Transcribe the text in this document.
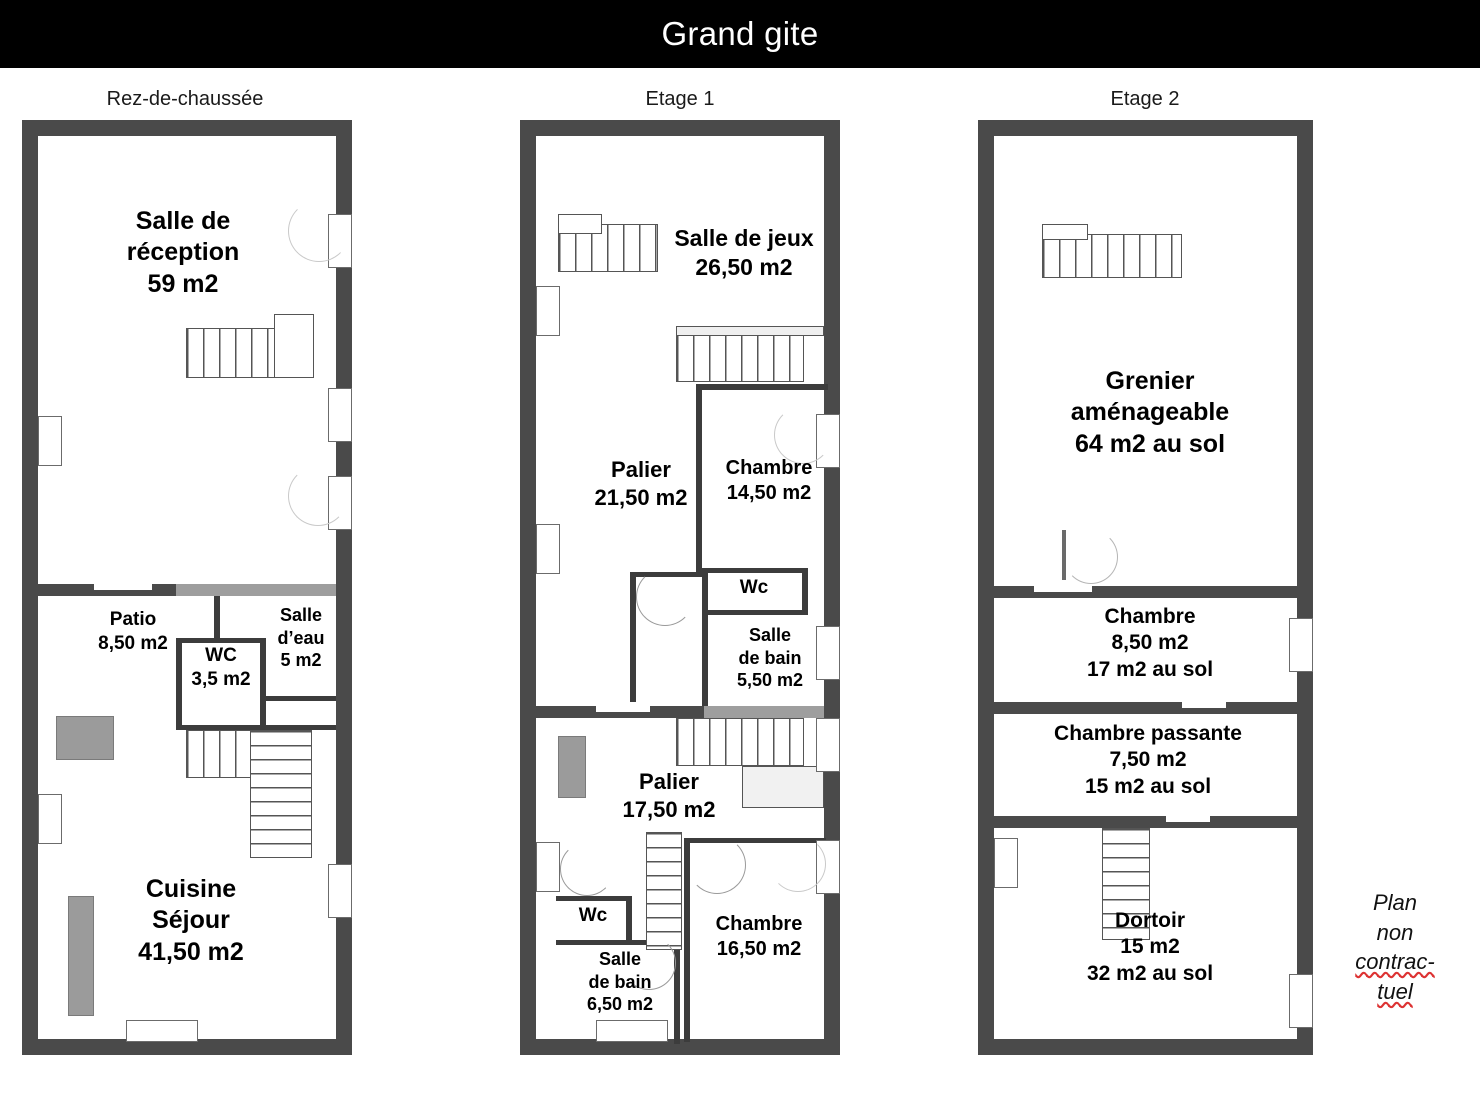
Grand gite
Rez-de-chaussée	Etage 1	Etage 2
Salle de
réception
59 m2
Patio
8,50 m2
WC
3,5 m2
Salle
d’eau
5 m2
Cuisine
Séjour
41,50 m2
Salle de jeux
26,50 m2
Palier
21,50 m2
Chambre
14,50 m2
Wc
Salle
de bain
5,50 m2
Palier
17,50 m2
Wc
Salle
de bain
6,50 m2
Chambre
16,50 m2
Grenier
aménageable
64 m2 au sol
Chambre
8,50 m2
17 m2 au sol
Chambre passante
7,50 m2
15 m2 au sol
Dortoir
15 m2
32 m2 au sol
Plan
non
contrac-
tuel
